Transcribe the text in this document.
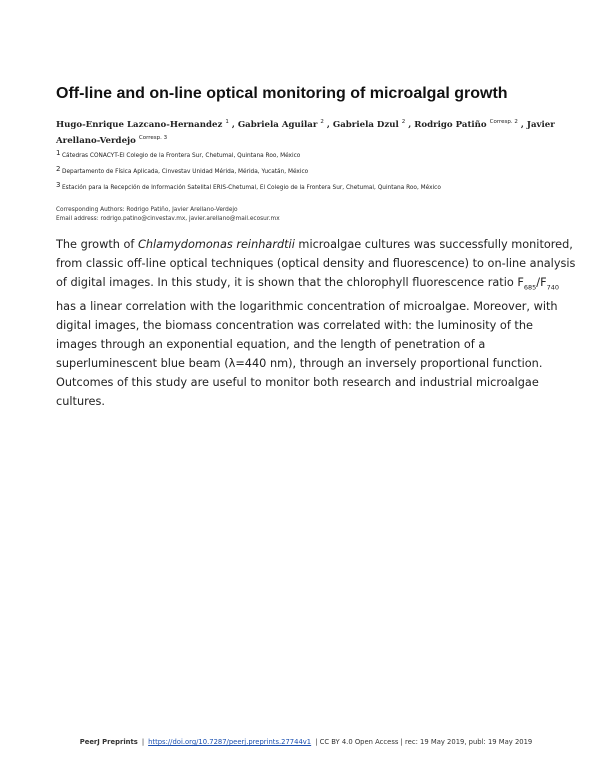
Off-line and on-line optical monitoring of microalgal growth
Hugo-Enrique Lazcano-Hernandez $^1$ , Gabriela Aguilar $^2$ , Gabriela Dzul $^2$ , Rodrigo Patiño $^{Corresp. 2}$ , Javier Arellano-Verdejo $^{Corresp. 3}$
1 Cátedras CONACYT-El Colegio de la Frontera Sur, Chetumal, Quintana Roo, México
2 Departamento de Física Aplicada, Cinvestav Unidad Mérida, Mérida, Yucatán, México
3 Estación para la Recepción de Información Satelital ERIS-Chetumal, El Colegio de la Frontera Sur, Chetumal, Quintana Roo, México
Corresponding Authors: Rodrigo Patiño, Javier Arellano-Verdejo
Email address: rodrigo.patino@cinvestav.mx, javier.arellano@mail.ecosur.mx

The growth of Chlamydomonas reinhardtii microalgae cultures was successfully monitored, from classic off-line optical techniques (optical density and fluorescence) to on-line analysis of digital images. In this study, it is shown that the chlorophyll fluorescence ratio $F_{685}/F_{740}$ has a linear correlation with the logarithmic concentration of microalgae. Moreover, with digital images, the biomass concentration was correlated with: the luminosity of the images through an exponential equation, and the length of penetration of a superluminescent blue beam (λ=440 nm), through an inversely proportional function. Outcomes of this study are useful to monitor both research and industrial microalgae cultures.

PeerJ Preprints | https://doi.org/10.7287/peerj.preprints.27744v1 | CC BY 4.0 Open Access | rec: 19 May 2019, publ: 19 May 2019
